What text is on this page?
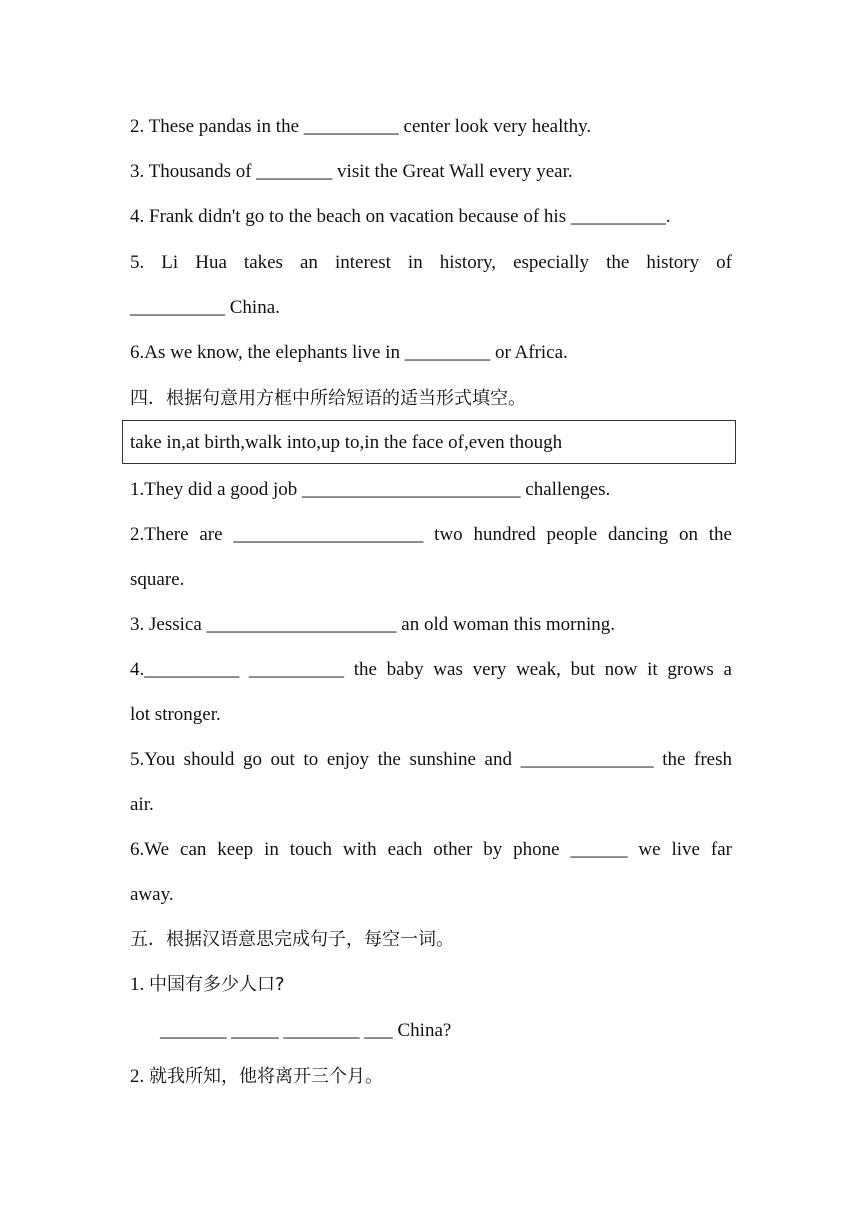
2. These pandas in the __________ center look very healthy.
3. Thousands of ________ visit the Great Wall every year.
4. Frank didn't go to the beach on vacation because of his __________.
5. Li Hua takes an interest in history, especially the history of
__________ China.
6.As we know, the elephants live in _________ or Africa.
四．根据句意用方框中所给短语的适当形式填空。
take in,at birth,walk into,up to,in the face of,even though
1.They did a good job _______________________ challenges.
2.There are ____________________ two hundred people dancing on the
square.
3. Jessica ____________________ an old woman this morning.
4.__________ __________ the baby was very weak, but now it grows a
lot stronger.
5.You should go out to enjoy the sunshine and ______________ the fresh
air.
6.We can keep in touch with each other by phone ______ we live far
away.
五．根据汉语意思完成句子，每空一词。
1. 中国有多少人口?
_______ _____ ________ ___ China?
2. 就我所知，他将离开三个月。
